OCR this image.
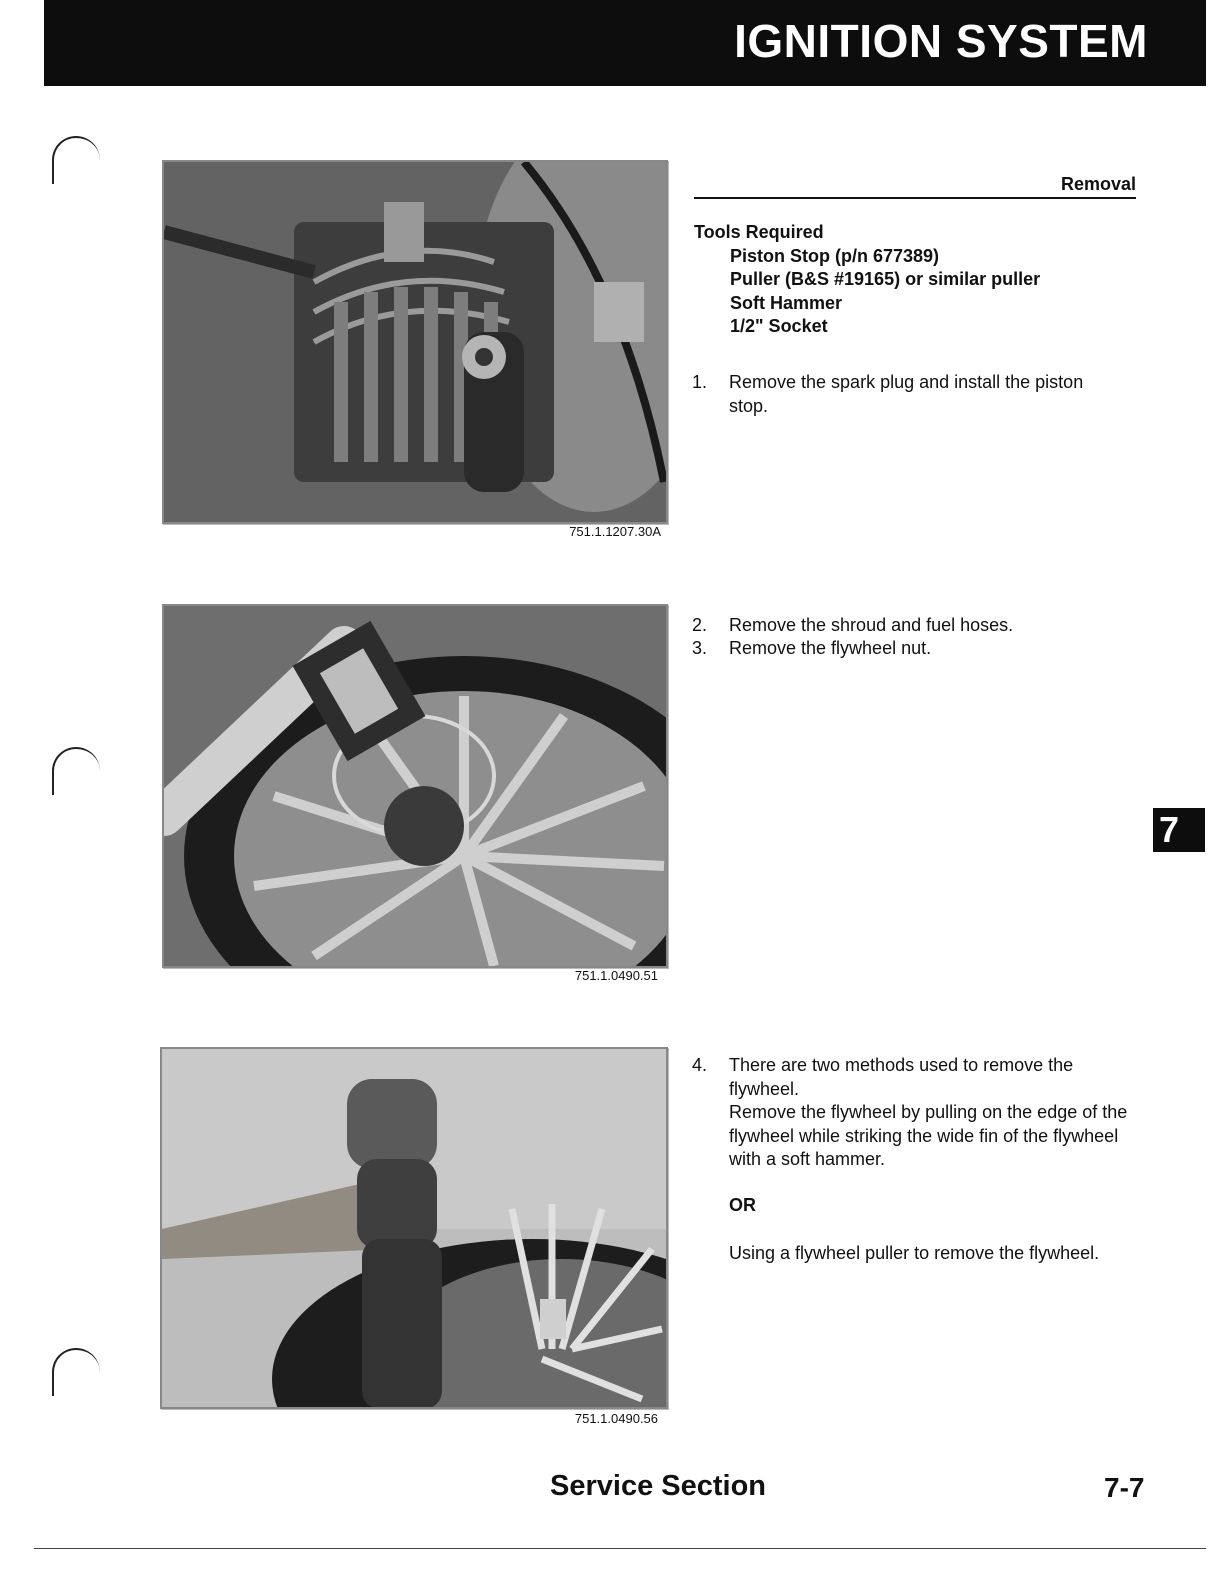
IGNITION SYSTEM
751.1.1207.30A
751.1.0490.51
751.1.0490.56
Removal
Tools Required
Piston Stop (p/n 677389)
Puller (B&S #19165) or similar puller
Soft Hammer
1/2" Socket
1.	Remove the spark plug and install the piston stop.
2.	Remove the shroud and fuel hoses.
3.	Remove the flywheel nut.
4.	There are two methods used to remove the flywheel.
Remove the flywheel by pulling on the edge of the flywheel while striking the wide fin of the flywheel with a soft hammer.
OR
Using a flywheel puller to remove the flywheel.
7
Service Section	7-7
